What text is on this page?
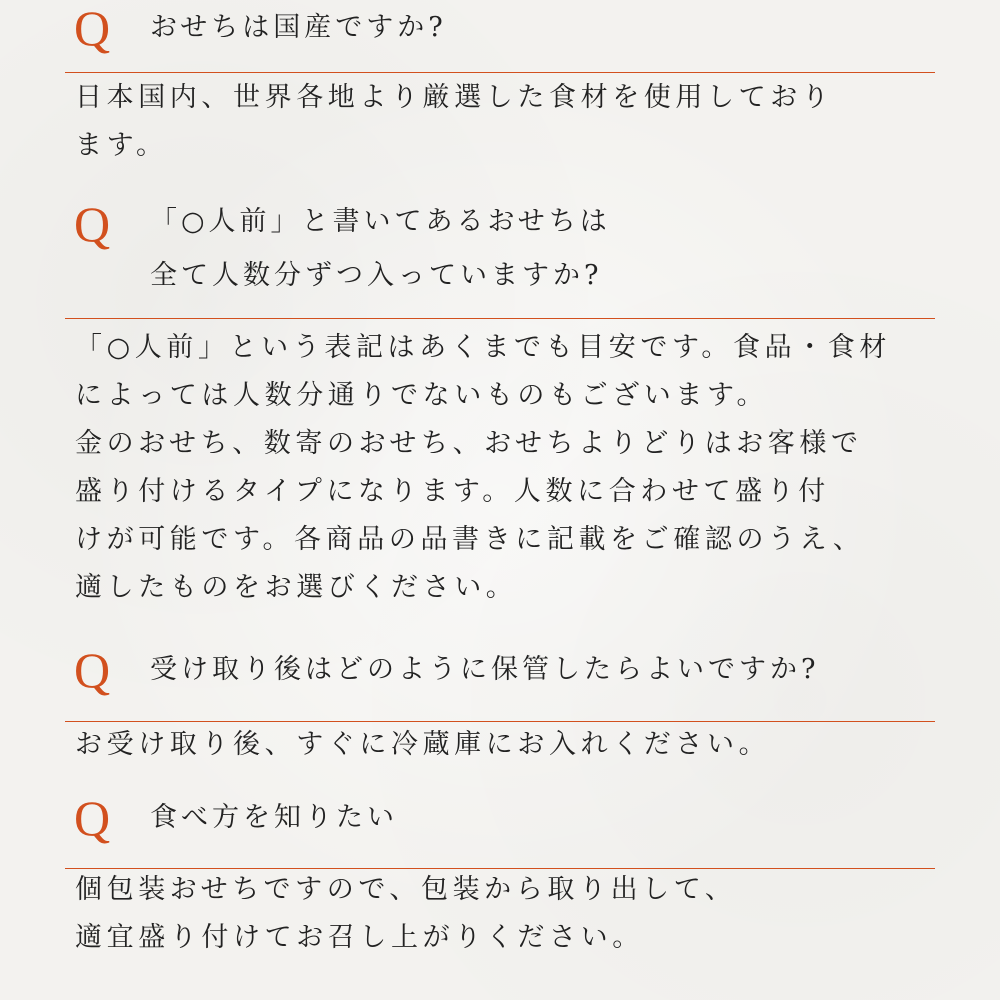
Q おせちは国産ですか?
日本国内、世界各地より厳選した食材を使用しており
ます。
Q 「○人前」と書いてあるおせちは
全て人数分ずつ入っていますか?
「○人前」という表記はあくまでも目安です。食品・食材
によっては人数分通りでないものもございます。
金のおせち、数寄のおせち、おせちよりどりはお客様で
盛り付けるタイプになります。人数に合わせて盛り付
けが可能です。各商品の品書きに記載をご確認のうえ、
適したものをお選びください。
Q 受け取り後はどのように保管したらよいですか?
お受け取り後、すぐに冷蔵庫にお入れください。
Q 食べ方を知りたい
個包装おせちですので、包装から取り出して、
適宜盛り付けてお召し上がりください。
